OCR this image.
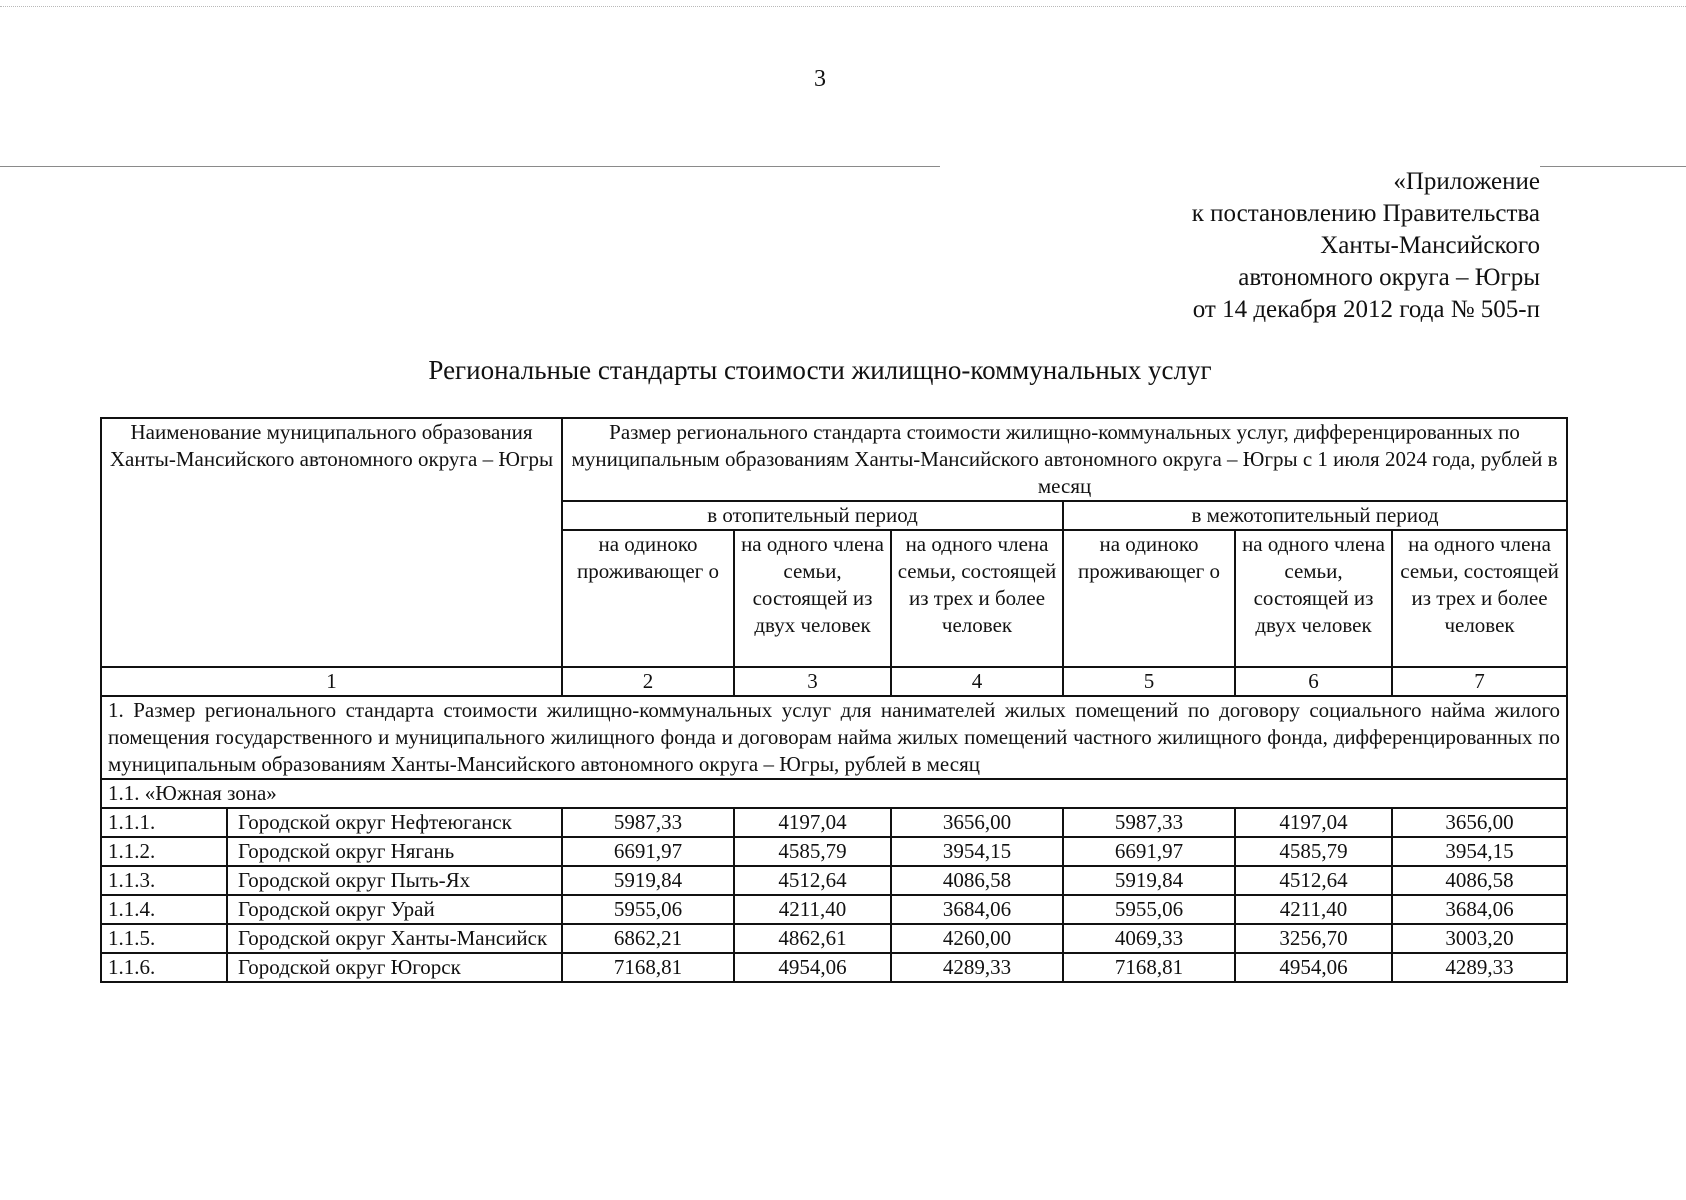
3
«Приложение
к постановлению Правительства
Ханты-Мансийского
автономного округа – Югры
от 14 декабря 2012 года № 505-п
Региональные стандарты стоимости жилищно-коммунальных услуг
Наименование муниципального образования Ханты-Мансийского автономного округа – Югры		Размер регионального стандарта стоимости жилищно-коммунальных услуг, дифференцированных по муниципальным образованиям Ханты-Мансийского автономного округа – Югры с 1 июля 2024 года, рублей в месяц					
		в отопительный период			в межотопительный период		
		на одиноко проживающег о	на одного члена семьи, состоящей из двух человек	на одного члена семьи, состоящей из трех и более человек	на одиноко проживающег о	на одного члена семьи, состоящей из двух человек	на одного члена семьи, состоящей из трех и более человек
1		2	3	4	5	6	7
1. Размер регионального стандарта стоимости жилищно-коммунальных услуг для нанимателей жилых помещений по договору социального найма жилого помещения государственного и муниципального жилищного фонда и договорам найма жилых помещений частного жилищного фонда, дифференцированных по муниципальным образованиям Ханты-Мансийского автономного округа – Югры, рублей в месяц							
1.1. «Южная зона»							
1.1.1.	Городской округ Нефтеюганск	5987,33	4197,04	3656,00	5987,33	4197,04	3656,00
1.1.2.	Городской округ Нягань	6691,97	4585,79	3954,15	6691,97	4585,79	3954,15
1.1.3.	Городской округ Пыть-Ях	5919,84	4512,64	4086,58	5919,84	4512,64	4086,58
1.1.4.	Городской округ Урай	5955,06	4211,40	3684,06	5955,06	4211,40	3684,06
1.1.5.	Городской округ Ханты-Мансийск	6862,21	4862,61	4260,00	4069,33	3256,70	3003,20
1.1.6.	Городской округ Югорск	7168,81	4954,06	4289,33	7168,81	4954,06	4289,33
